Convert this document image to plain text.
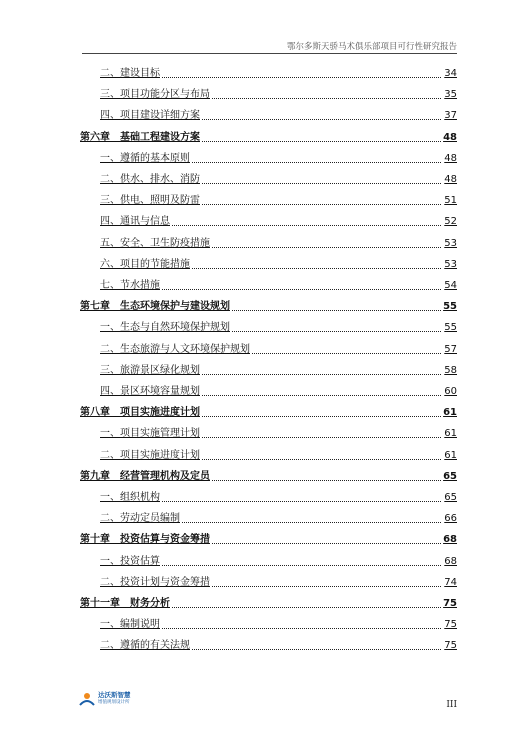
鄂尔多斯天骄马术俱乐部项目可行性研究报告
二、建设目标	34
三、项目功能分区与布局	35
四、项目建设详细方案	37
第六章　基础工程建设方案	48
一、遵循的基本原则	48
二、供水、排水、消防	48
三、供电、照明及防雷	51
四、通讯与信息	52
五、安全、卫生防疫措施	53
六、项目的节能措施	53
七、节水措施	54
第七章　生态环境保护与建设规划	55
一、生态与自然环境保护规划	55
二、生态旅游与人文环境保护规划	57
三、旅游景区绿化规划	58
四、景区环境容量规划	60
第八章　项目实施进度计划	61
一、项目实施管理计划	61
二、项目实施进度计划	61
第九章　经营管理机构及定员	65
一、组织机构	65
二、劳动定员编制	66
第十章　投资估算与资金筹措	68
一、投资估算	68
二、投资计划与资金筹措	74
第十一章　财务分析	75
一、编制说明	75
二、遵循的有关法规	75
达沃斯智慧
增值规划设计所	III
